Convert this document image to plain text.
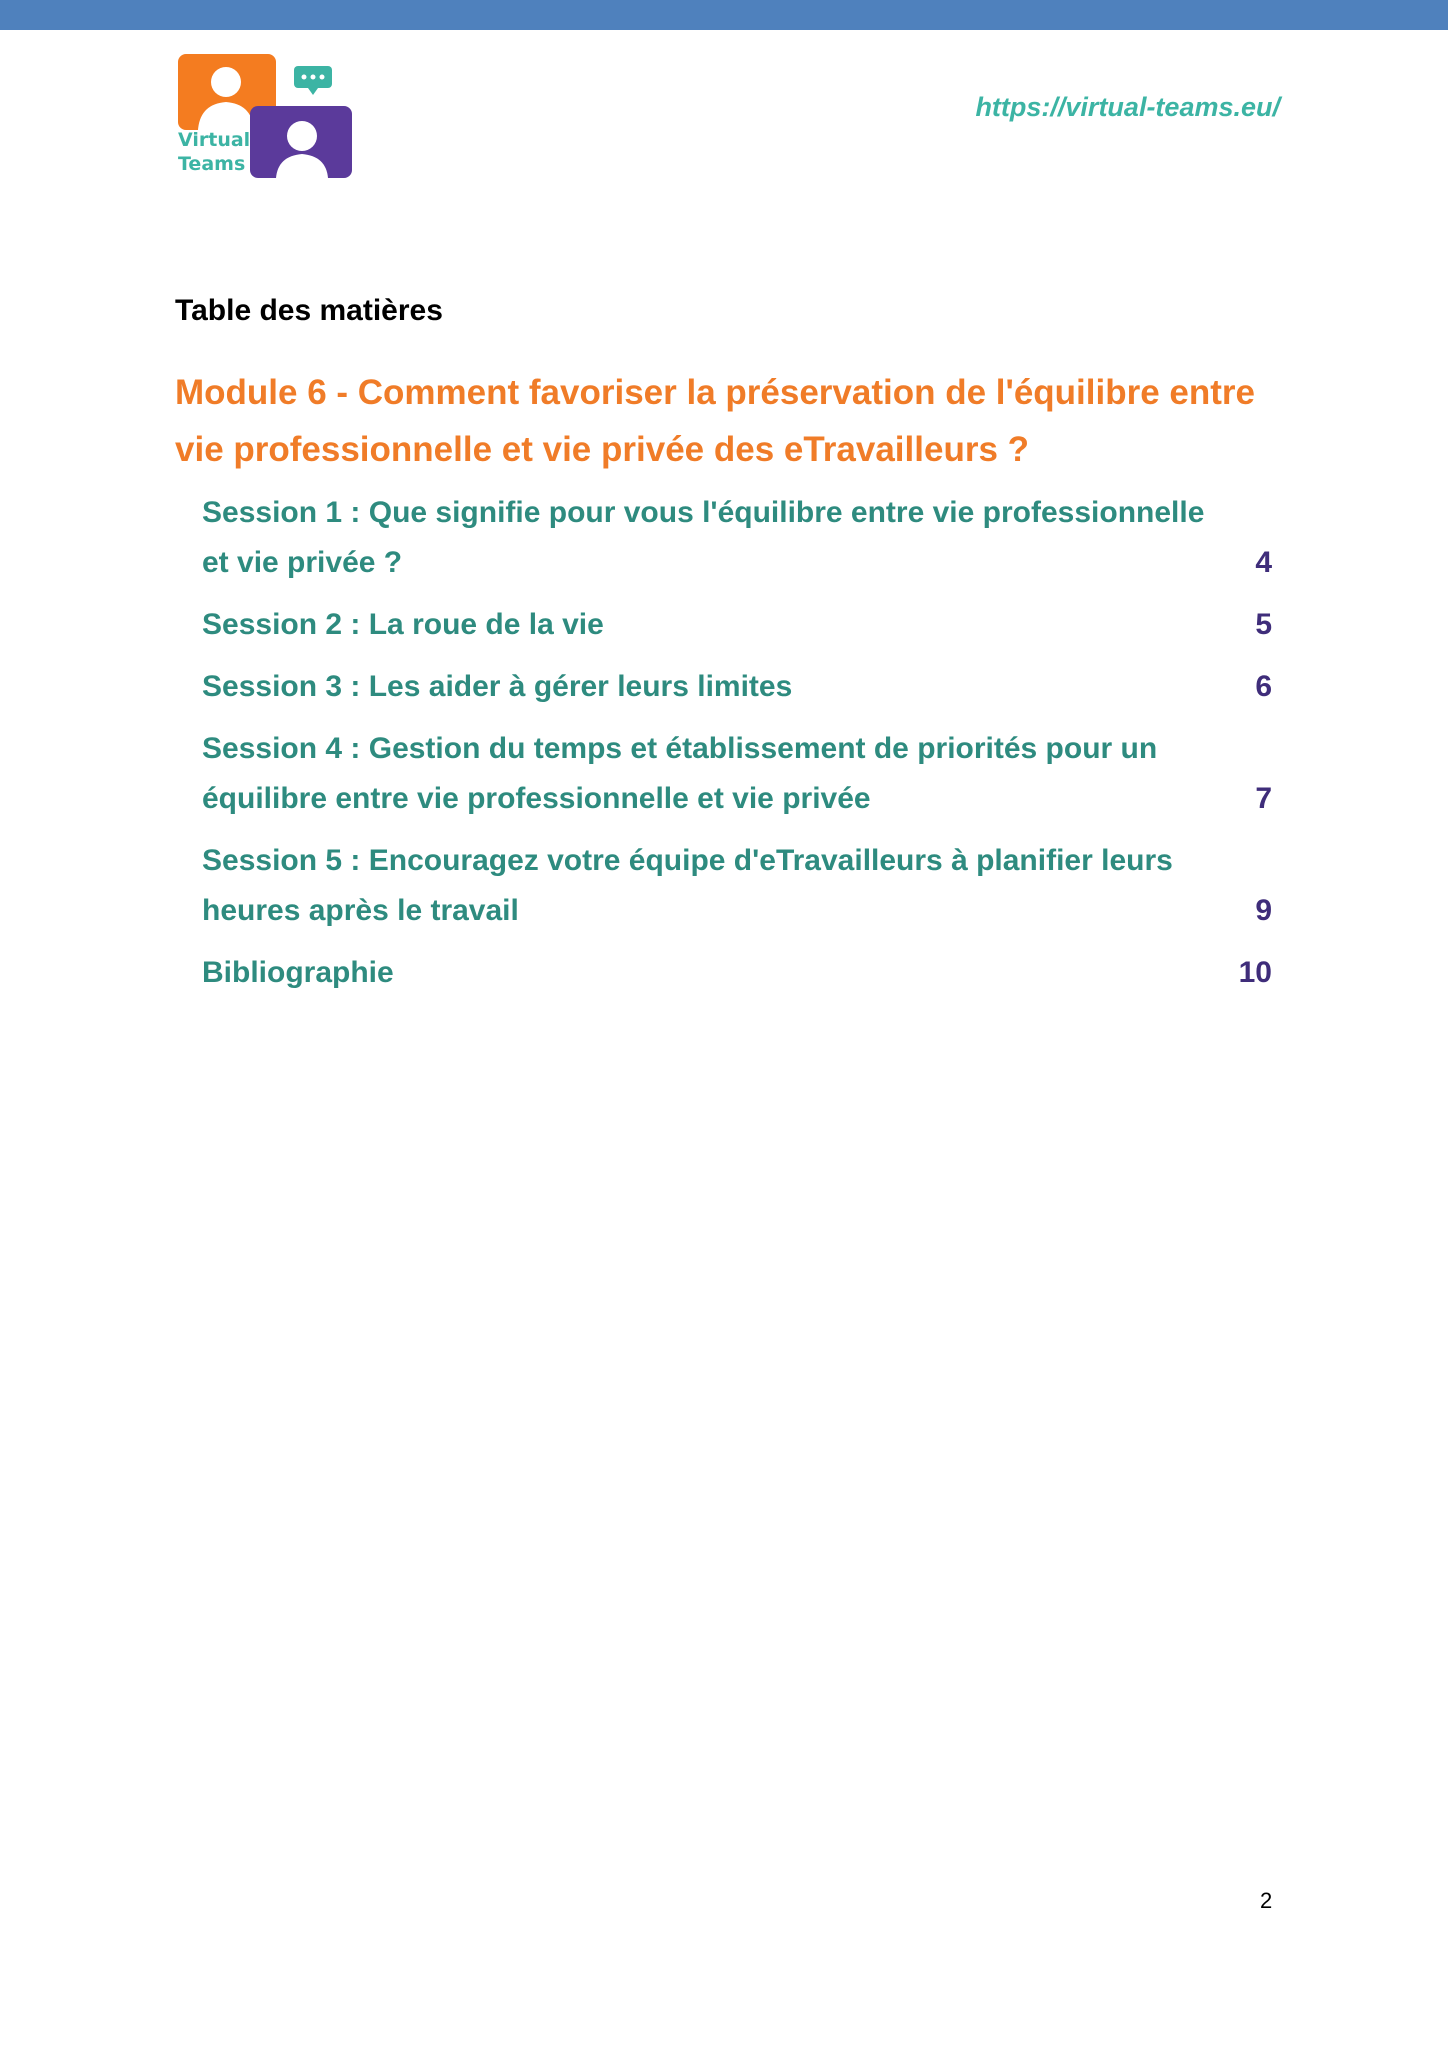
Virtual
Teams
https://virtual-teams.eu/
Table des matières
Module 6 - Comment favoriser la préservation de l'équilibre entre vie professionnelle et vie privée des eTravailleurs ?
Session 1 : Que signifie pour vous l'équilibre entre vie professionnelle et vie privée ?	4
Session 2 : La roue de la vie	5
Session 3 : Les aider à gérer leurs limites	6
Session 4 : Gestion du temps et établissement de priorités pour un équilibre entre vie professionnelle et vie privée	7
Session 5 : Encouragez votre équipe d'eTravailleurs à planifier leurs heures après le travail	9
Bibliographie	10
2
